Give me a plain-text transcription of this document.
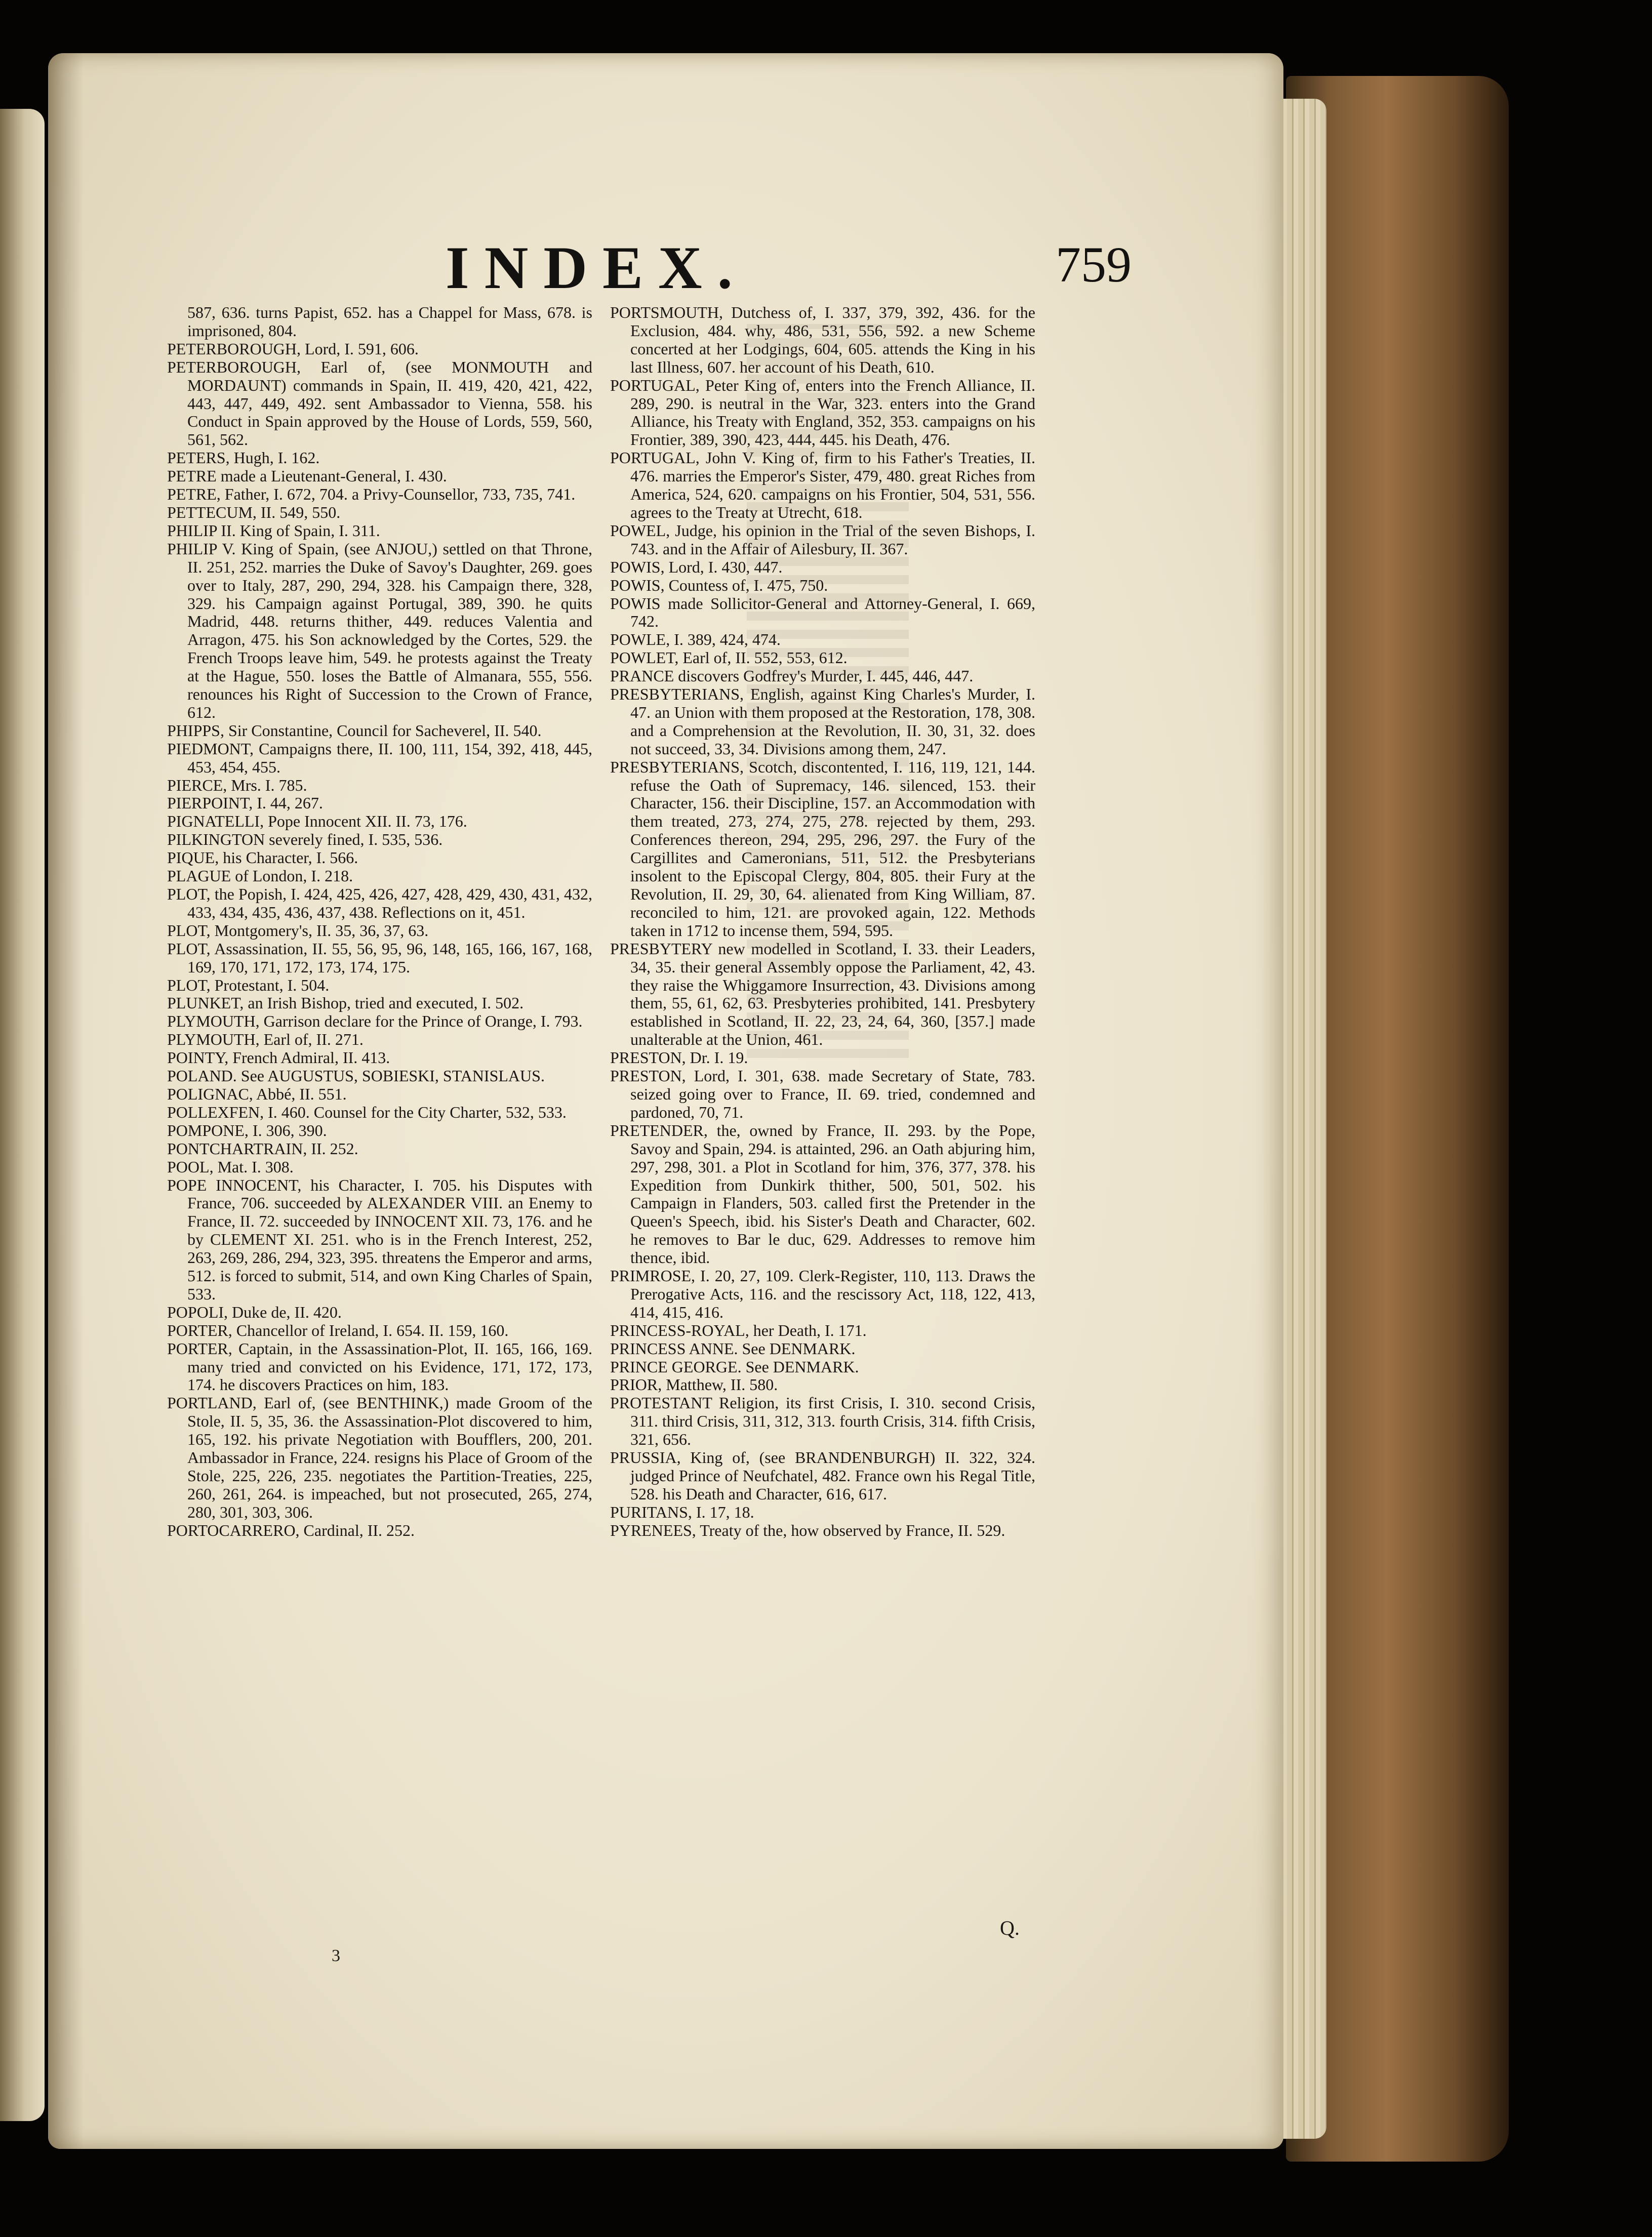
INDEX.	759

587, 636. turns Papist, 652. has a Chappel for Mass, 678. is imprisoned, 804.

PETERBOROUGH, Lord, I. 591, 606.

PETERBOROUGH, Earl of, (see MONMOUTH and MORDAUNT) commands in Spain, II. 419, 420, 421, 422, 443, 447, 449, 492. sent Ambassador to Vienna, 558. his Conduct in Spain approved by the House of Lords, 559, 560, 561, 562.

PETERS, Hugh, I. 162.

PETRE made a Lieutenant-General, I. 430.

PETRE, Father, I. 672, 704. a Privy-Counsellor, 733, 735, 741.

PETTECUM, II. 549, 550.

PHILIP II. King of Spain, I. 311.

PHILIP V. King of Spain, (see ANJOU,) settled on that Throne, II. 251, 252. marries the Duke of Savoy's Daughter, 269. goes over to Italy, 287, 290, 294, 328. his Campaign there, 328, 329. his Campaign against Portugal, 389, 390. he quits Madrid, 448. returns thither, 449. reduces Valentia and Arragon, 475. his Son acknowledged by the Cortes, 529. the French Troops leave him, 549. he protests against the Treaty at the Hague, 550. loses the Battle of Almanara, 555, 556. renounces his Right of Succession to the Crown of France, 612.

PHIPPS, Sir Constantine, Council for Sacheverel, II. 540.

PIEDMONT, Campaigns there, II. 100, 111, 154, 392, 418, 445, 453, 454, 455.

PIERCE, Mrs. I. 785.

PIERPOINT, I. 44, 267.

PIGNATELLI, Pope Innocent XII. II. 73, 176.

PILKINGTON severely fined, I. 535, 536.

PIQUE, his Character, I. 566.

PLAGUE of London, I. 218.

PLOT, the Popish, I. 424, 425, 426, 427, 428, 429, 430, 431, 432, 433, 434, 435, 436, 437, 438. Reflections on it, 451.

PLOT, Montgomery's, II. 35, 36, 37, 63.

PLOT, Assassination, II. 55, 56, 95, 96, 148, 165, 166, 167, 168, 169, 170, 171, 172, 173, 174, 175.

PLOT, Protestant, I. 504.

PLUNKET, an Irish Bishop, tried and executed, I. 502.

PLYMOUTH, Garrison declare for the Prince of Orange, I. 793.

PLYMOUTH, Earl of, II. 271.

POINTY, French Admiral, II. 413.

POLAND. See AUGUSTUS, SOBIESKI, STANISLAUS.

POLIGNAC, Abbé, II. 551.

POLLEXFEN, I. 460. Counsel for the City Charter, 532, 533.

POMPONE, I. 306, 390.

PONTCHARTRAIN, II. 252.

POOL, Mat. I. 308.

POPE INNOCENT, his Character, I. 705. his Disputes with France, 706. succeeded by ALEXANDER VIII. an Enemy to France, II. 72. succeeded by INNOCENT XII. 73, 176. and he by CLEMENT XI. 251. who is in the French Interest, 252, 263, 269, 286, 294, 323, 395. threatens the Emperor and arms, 512. is forced to submit, 514, and own King Charles of Spain, 533.

POPOLI, Duke de, II. 420.

PORTER, Chancellor of Ireland, I. 654. II. 159, 160.

PORTER, Captain, in the Assassination-Plot, II. 165, 166, 169. many tried and convicted on his Evidence, 171, 172, 173, 174. he discovers Practices on him, 183.

PORTLAND, Earl of, (see BENTHINK,) made Groom of the Stole, II. 5, 35, 36. the Assassination-Plot discovered to him, 165, 192. his private Negotiation with Boufflers, 200, 201. Ambassador in France, 224. resigns his Place of Groom of the Stole, 225, 226, 235. negotiates the Partition-Treaties, 225, 260, 261, 264. is impeached, but not prosecuted, 265, 274, 280, 301, 303, 306.

PORTOCARRERO, Cardinal, II. 252.

PORTSMOUTH, Dutchess of, I. 337, 379, 392, 436. for the Exclusion, 484. why, 486, 531, 556, 592. a new Scheme concerted at her Lodgings, 604, 605. attends the King in his last Illness, 607. her account of his Death, 610.

PORTUGAL, Peter King of, enters into the French Alliance, II. 289, 290. is neutral in the War, 323. enters into the Grand Alliance, his Treaty with England, 352, 353. campaigns on his Frontier, 389, 390, 423, 444, 445. his Death, 476.

PORTUGAL, John V. King of, firm to his Father's Treaties, II. 476. marries the Emperor's Sister, 479, 480. great Riches from America, 524, 620. campaigns on his Frontier, 504, 531, 556. agrees to the Treaty at Utrecht, 618.

POWEL, Judge, his opinion in the Trial of the seven Bishops, I. 743. and in the Affair of Ailesbury, II. 367.

POWIS, Lord, I. 430, 447.

POWIS, Countess of, I. 475, 750.

POWIS made Sollicitor-General and Attorney-General, I. 669, 742.

POWLE, I. 389, 424, 474.

POWLET, Earl of, II. 552, 553, 612.

PRANCE discovers Godfrey's Murder, I. 445, 446, 447.

PRESBYTERIANS, English, against King Charles's Murder, I. 47. an Union with them proposed at the Restoration, 178, 308. and a Comprehension at the Revolution, II. 30, 31, 32. does not succeed, 33, 34. Divisions among them, 247.

PRESBYTERIANS, Scotch, discontented, I. 116, 119, 121, 144. refuse the Oath of Supremacy, 146. silenced, 153. their Character, 156. their Discipline, 157. an Accommodation with them treated, 273, 274, 275, 278. rejected by them, 293. Conferences thereon, 294, 295, 296, 297. the Fury of the Cargillites and Cameronians, 511, 512. the Presbyterians insolent to the Episcopal Clergy, 804, 805. their Fury at the Revolution, II. 29, 30, 64. alienated from King William, 87. reconciled to him, 121. are provoked again, 122. Methods taken in 1712 to incense them, 594, 595.

PRESBYTERY new modelled in Scotland, I. 33. their Leaders, 34, 35. their general Assembly oppose the Parliament, 42, 43. they raise the Whiggamore Insurrection, 43. Divisions among them, 55, 61, 62, 63. Presbyteries prohibited, 141. Presbytery established in Scotland, II. 22, 23, 24, 64, 360, [357.] made unalterable at the Union, 461.

PRESTON, Dr. I. 19.

PRESTON, Lord, I. 301, 638. made Secretary of State, 783. seized going over to France, II. 69. tried, condemned and pardoned, 70, 71.

PRETENDER, the, owned by France, II. 293. by the Pope, Savoy and Spain, 294. is attainted, 296. an Oath abjuring him, 297, 298, 301. a Plot in Scotland for him, 376, 377, 378. his Expedition from Dunkirk thither, 500, 501, 502. his Campaign in Flanders, 503. called first the Pretender in the Queen's Speech, ibid. his Sister's Death and Character, 602. he removes to Bar le duc, 629. Addresses to remove him thence, ibid.

PRIMROSE, I. 20, 27, 109. Clerk-Register, 110, 113. Draws the Prerogative Acts, 116. and the rescissory Act, 118, 122, 413, 414, 415, 416.

PRINCESS-ROYAL, her Death, I. 171.

PRINCESS ANNE. See DENMARK.

PRINCE GEORGE. See DENMARK.

PRIOR, Matthew, II. 580.

PROTESTANT Religion, its first Crisis, I. 310. second Crisis, 311. third Crisis, 311, 312, 313. fourth Crisis, 314. fifth Crisis, 321, 656.

PRUSSIA, King of, (see BRANDENBURGH) II. 322, 324. judged Prince of Neufchatel, 482. France own his Regal Title, 528. his Death and Character, 616, 617.

PURITANS, I. 17, 18.

PYRENEES, Treaty of the, how observed by France, II. 529.

3
Q.
